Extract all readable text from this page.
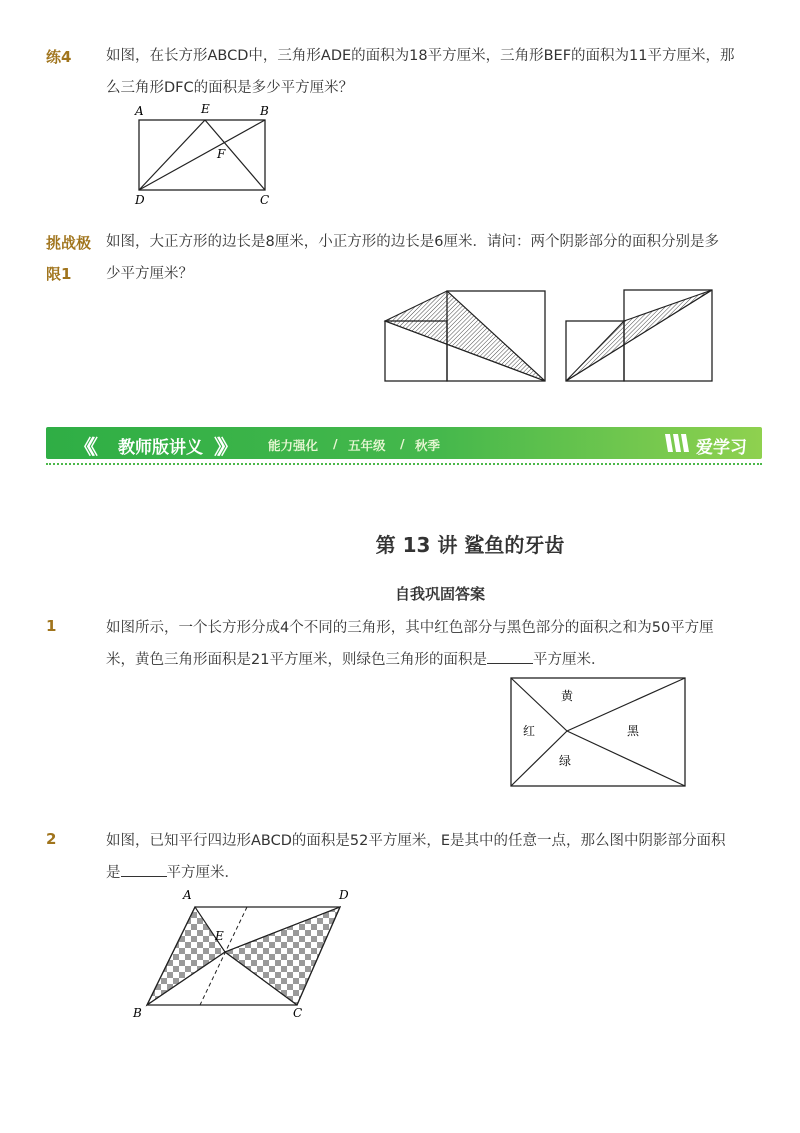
练4 如图，在长方形ABCD中，三角形ADE的面积为18平方厘米，三角形BEF的面积为11平方厘米，那
么三角形DFC的面积是多少平方厘米？
A	E	B
F
D	C
挑战极
限1
如图，大正方形的边长是8厘米，小正方形的边长是6厘米．请问：两个阴影部分的面积分别是多
少平方厘米？
《《 教师版讲义 》》	能力强化 / 五年级 / 秋季	爱学习
第 13 讲 鲨鱼的牙齿
自我巩固答案
1	如图所示，一个长方形分成4个不同的三角形，其中红色部分与黑色部分的面积之和为50平方厘
米，黄色三角形面积是21平方厘米，则绿色三角形的面积是	平方厘米．
黄
红	黑
绿
2	如图，已知平行四边形ABCD的面积是52平方厘米，E是其中的任意一点，那么图中阴影部分面积
是	平方厘米．
A	D
E
B	C
